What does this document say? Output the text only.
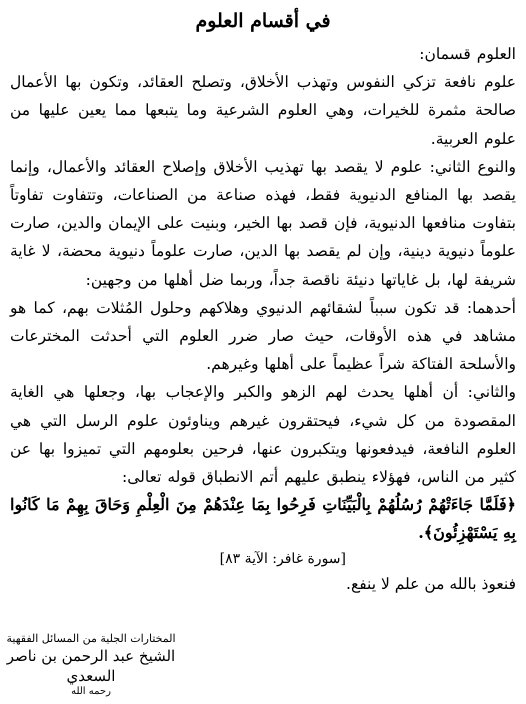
في أقسام العلوم

العلوم قسمان:

علوم نافعة تزكي النفوس وتهذب الأخلاق، وتصلح العقائد، وتكون بها الأعمال صالحة مثمرة للخيرات، وهي العلوم الشرعية وما يتبعها مما يعين عليها من علوم العربية.

والنوع الثاني: علوم لا يقصد بها تهذيب الأخلاق وإصلاح العقائد والأعمال، وإنما يقصد بها المنافع الدنيوية فقط، فهذه صناعة من الصناعات، وتتفاوت تفاوتاً بتفاوت منافعها الدنيوية، فإن قصد بها الخير، وبنيت على الإيمان والدين، صارت علوماً دنيوية دينية، وإن لم يقصد بها الدين، صارت علوماً دنيوية محضة، لا غاية شريفة لها، بل غاياتها دنيئة ناقصة جداً، وربما ضل أهلها من وجهين:

أحدهما: قد تكون سبباً لشقائهم الدنيوي وهلاكهم وحلول المُثلات بهم، كما هو مشاهد في هذه الأوقات، حيث صار ضرر العلوم التي أحدثت المخترعات والأسلحة الفتاكة شراً عظيماً على أهلها وغيرهم.

والثاني: أن أهلها يحدث لهم الزهو والكبر والإعجاب بها، وجعلها هي الغاية المقصودة من كل شيء، فيحتقرون غيرهم ويناوئون علوم الرسل التي هي العلوم النافعة، فيدفعونها ويتكبرون عنها، فرحين بعلومهم التي تميزوا بها عن كثير من الناس، فهؤلاء ينطبق عليهم أتم الانطباق قوله تعالى:

﴿فَلَمَّا جَاءَتْهُمْ رُسُلُهُمْ بِالْبَيِّنَاتِ فَرِحُوا بِمَا عِنْدَهُمْ مِنَ الْعِلْمِ وَحَاقَ بِهِمْ مَا كَانُوا بِهِ يَسْتَهْزِئُونَ﴾.

[سورة غافر: الآية ٨٣]
فنعوذ بالله من علم لا ينفع.
المختارات الجلية من المسائل الفقهية
الشيخ عبد الرحمن بن ناصر السعدي
رحمه الله
